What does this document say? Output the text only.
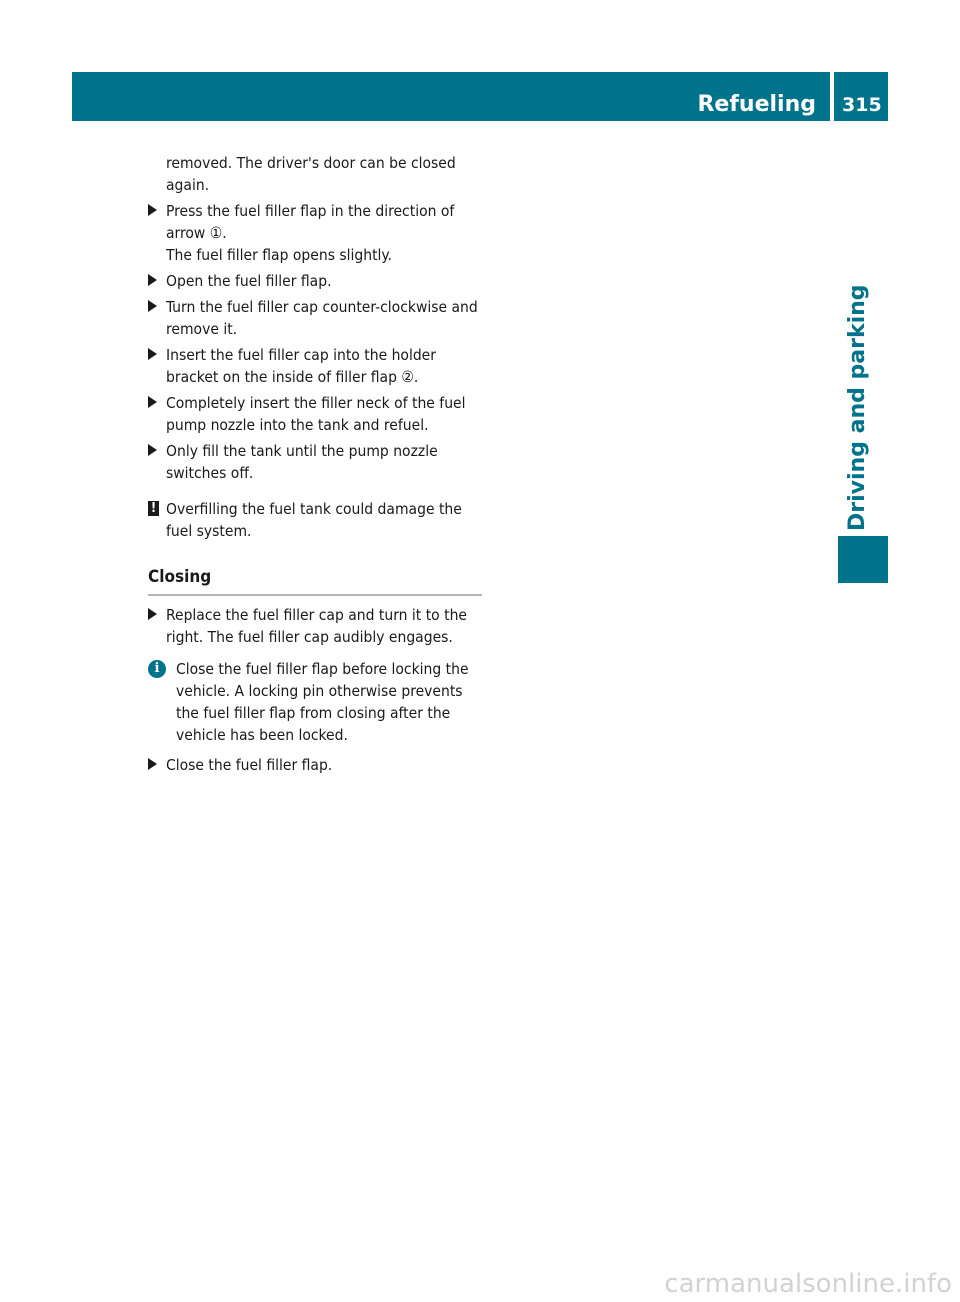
Refueling 315
Driving and parking

removed. The driver's door can be closed again.

Press the fuel filler flap in the direction of arrow ①.

The fuel filler flap opens slightly.

Open the fuel filler flap.

Turn the fuel filler cap counter-clockwise and remove it.

Insert the fuel filler cap into the holder bracket on the inside of filler flap ②.

Completely insert the filler neck of the fuel pump nozzle into the tank and refuel.

Only fill the tank until the pump nozzle switches off.

! Overfilling the fuel tank could damage the fuel system.

Closing

Replace the fuel filler cap and turn it to the right. The fuel filler cap audibly engages.

i	Close the fuel filler flap before locking the vehicle. A locking pin otherwise prevents the fuel filler flap from closing after the vehicle has been locked.

Close the fuel filler flap.

carmanualsonline.info
